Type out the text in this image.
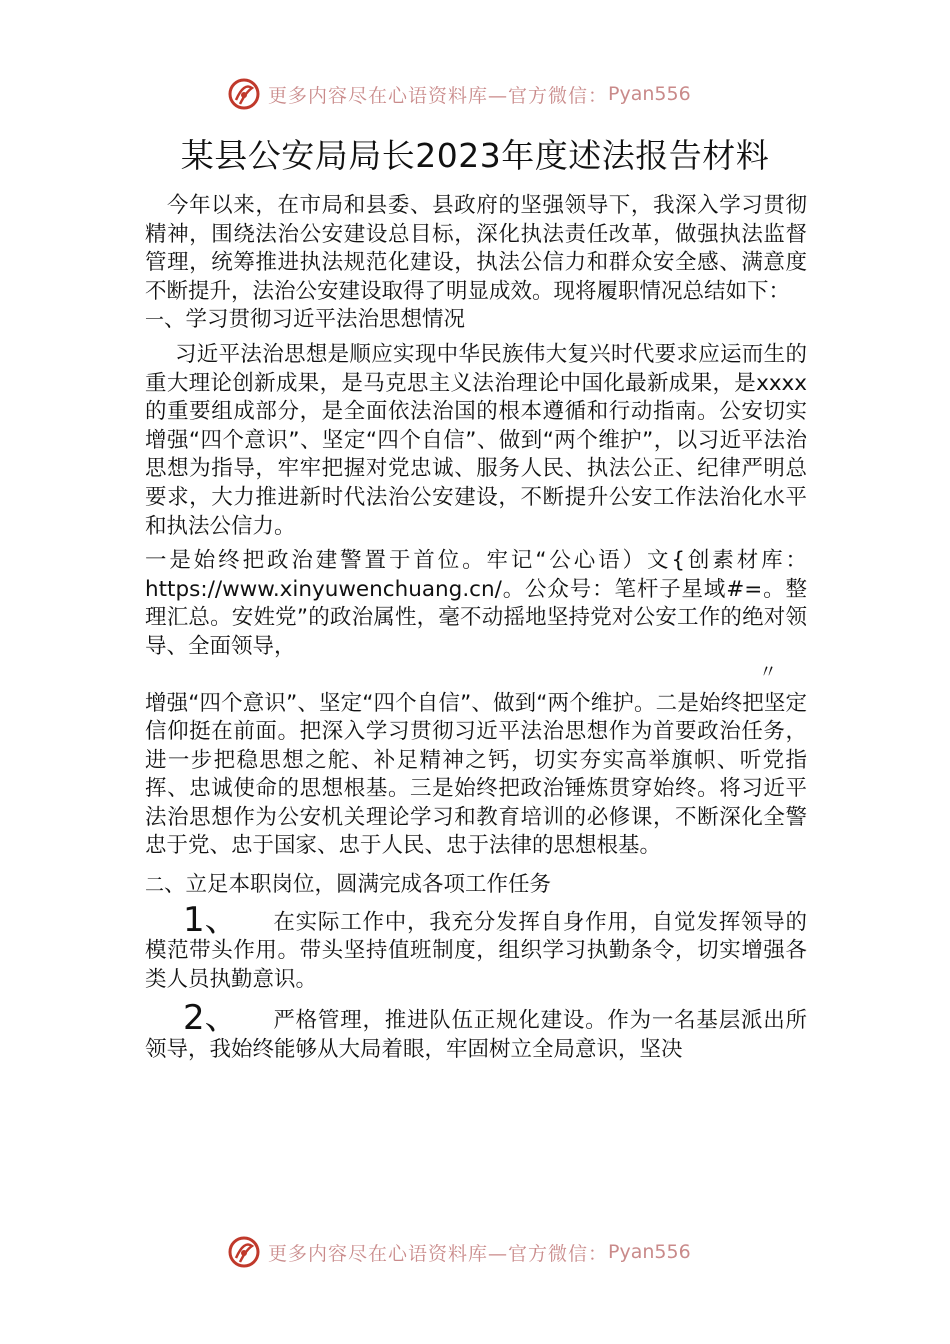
更多内容尽在心语资料库—官方微信： Pyan556
某县公安局局长2023年度述法报告材料

今年以来，在市局和县委、县政府的坚强领导下，我深入学习贯彻精神，围绕法治公安建设总目标，深化执法责任改革，做强执法监督管理，统筹推进执法规范化建设，执法公信力和群众安全感、满意度不断提升，法治公安建设取得了明显成效。现将履职情况总结如下：

一、学习贯彻习近平法治思想情况

习近平法治思想是顺应实现中华民族伟大复兴时代要求应运而生的重大理论创新成果，是马克思主义法治理论中国化最新成果，是xxxx的重要组成部分，是全面依法治国的根本遵循和行动指南。公安切实增强“四个意识”、坚定“四个自信”、做到“两个维护”，以习近平法治思想为指导，牢牢把握对党忠诚、服务人民、执法公正、纪律严明总要求，大力推进新时代法治公安建设，不断提升公安工作法治化水平和执法公信力。

一是始终把政治建警置于首位。牢记“公心语）文{创素材库：https://www.xinyuwenchuang.cn/。公众号：笔杆子星域#=。整理汇总。安姓党”的政治属性，毫不动摇地坚持党对公安工作的绝对领导、全面领导，

〃

增强“四个意识”、坚定“四个自信”、做到“两个维护。二是始终把坚定信仰挺在前面。把深入学习贯彻习近平法治思想作为首要政治任务，进一步把稳思想之舵、补足精神之钙，切实夯实高举旗帜、听党指挥、忠诚使命的思想根基。三是始终把政治锤炼贯穿始终。将习近平法治思想作为公安机关理论学习和教育培训的必修课，不断深化全警忠于党、忠于国家、忠于人民、忠于法律的思想根基。

二、立足本职岗位，圆满完成各项工作任务

1、 在实际工作中，我充分发挥自身作用，自觉发挥领导的模范带头作用。带头坚持值班制度，组织学习执勤条令，切实增强各类人员执勤意识。

2、 严格管理，推进队伍正规化建设。作为一名基层派出所领导，我始终能够从大局着眼，牢固树立全局意识，坚决

更多内容尽在心语资料库—官方微信： Pyan556
